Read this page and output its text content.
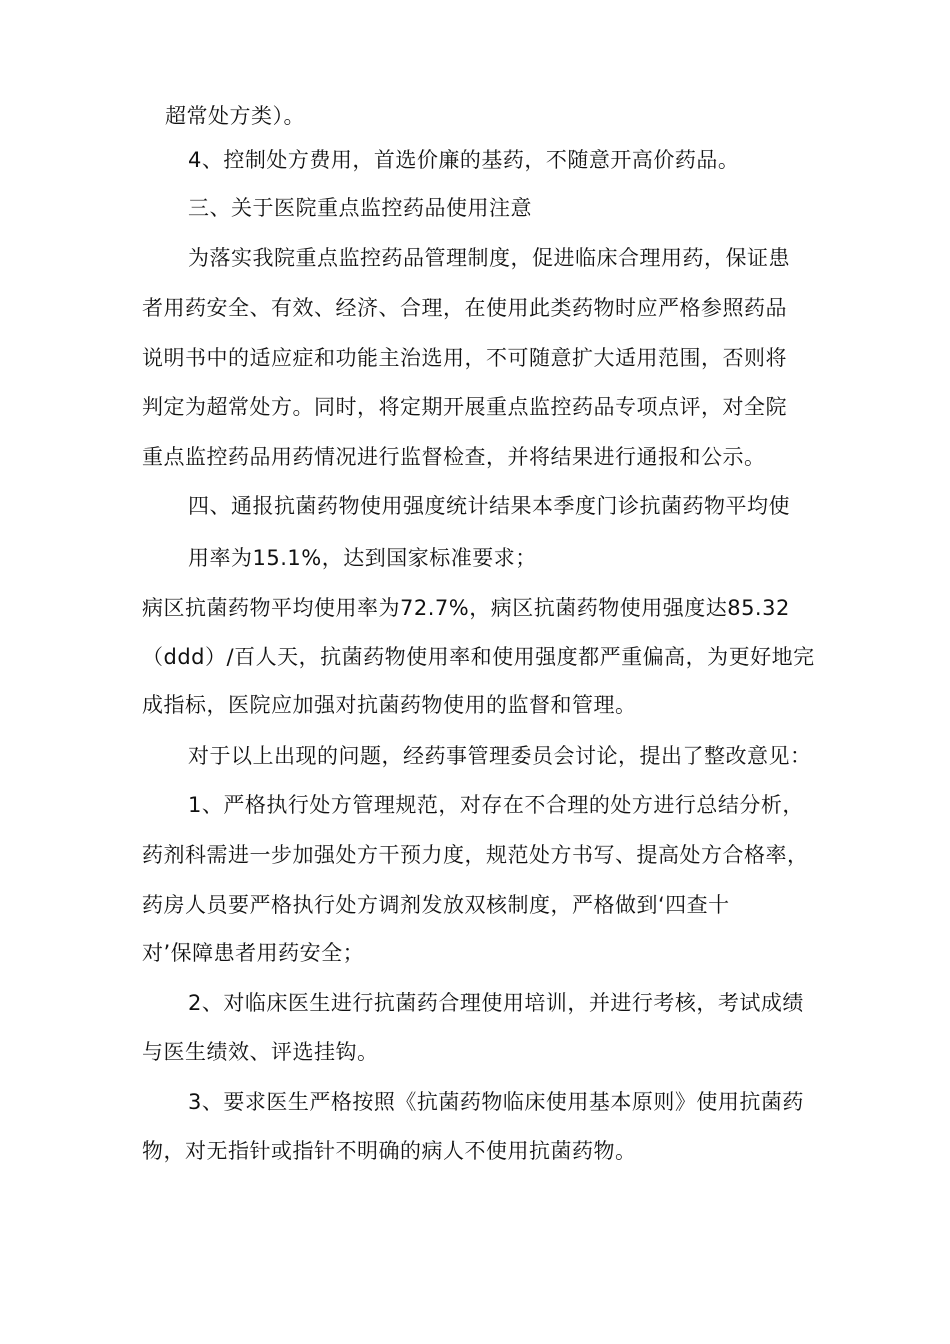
超常处方类）。
4、控制处方费用，首选价廉的基药，不随意开高价药品。
三、关于医院重点监控药品使用注意
为落实我院重点监控药品管理制度，促进临床合理用药，保证患
者用药安全、有效、经济、合理，在使用此类药物时应严格参照药品
说明书中的适应症和功能主治选用，不可随意扩大适用范围，否则将
判定为超常处方。同时，将定期开展重点监控药品专项点评，对全院
重点监控药品用药情况进行监督检查，并将结果进行通报和公示。
四、通报抗菌药物使用强度统计结果本季度门诊抗菌药物平均使
用率为15.1%，达到国家标准要求；
病区抗菌药物平均使用率为72.7%，病区抗菌药物使用强度达85.32
（ddd）/百人天，抗菌药物使用率和使用强度都严重偏高，为更好地完
成指标，医院应加强对抗菌药物使用的监督和管理。
对于以上出现的问题，经药事管理委员会讨论，提出了整改意见：
1、严格执行处方管理规范，对存在不合理的处方进行总结分析，
药剂科需进一步加强处方干预力度，规范处方书写、提高处方合格率，
药房人员要严格执行处方调剂发放双核制度，严格做到‘四查十
对’保障患者用药安全；
2、对临床医生进行抗菌药合理使用培训，并进行考核，考试成绩
与医生绩效、评选挂钩。
3、要求医生严格按照《抗菌药物临床使用基本原则》使用抗菌药
物，对无指针或指针不明确的病人不使用抗菌药物。
